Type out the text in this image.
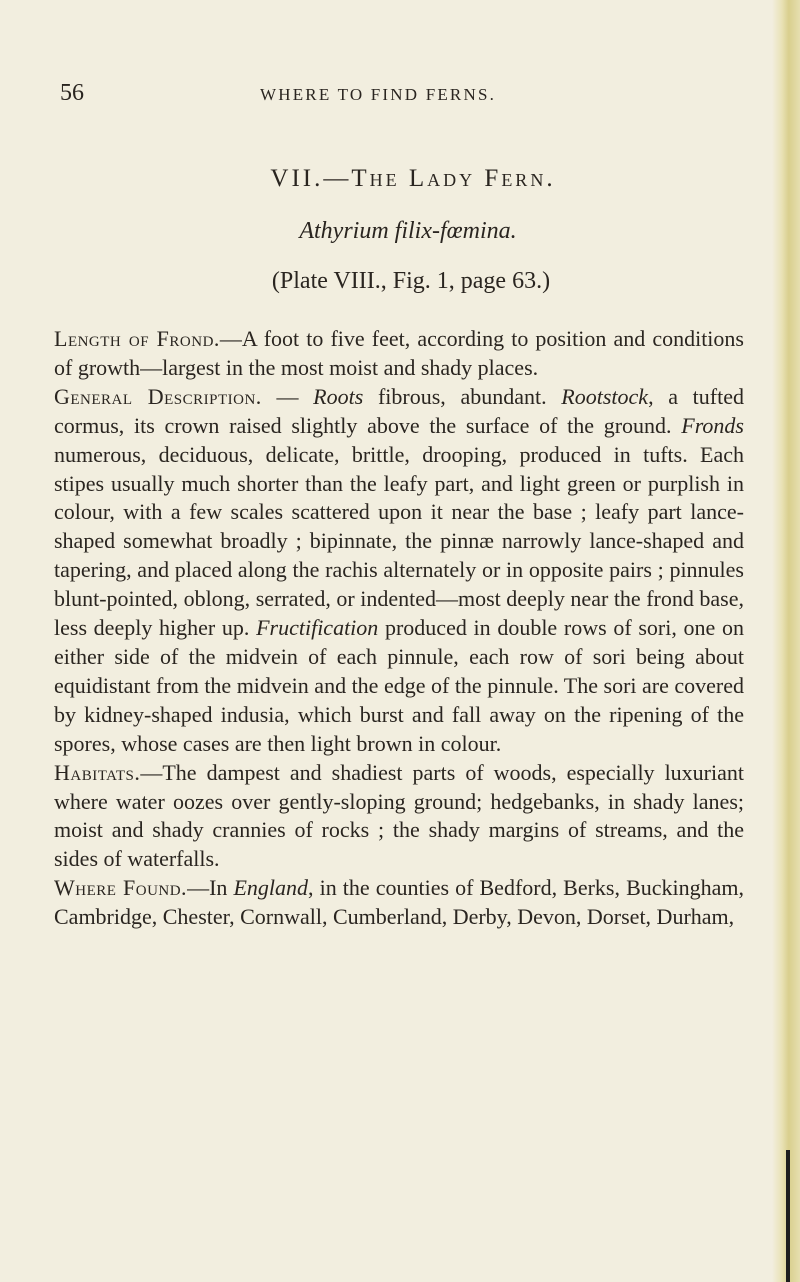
56	WHERE TO FIND FERNS.
VII.—The Lady Fern.
Athyrium filix-fœmina.
(Plate VIII., Fig. 1, page 63.)

Length of Frond.—A foot to five feet, according to position and conditions of growth—largest in the most moist and shady places.

General Description. — Roots fibrous, abundant. Rootstock, a tufted cormus, its crown raised slightly above the surface of the ground. Fronds numerous, deciduous, delicate, brittle, drooping, produced in tufts. Each stipes usually much shorter than the leafy part, and light green or purplish in colour, with a few scales scattered upon it near the base ; leafy part lance-shaped somewhat broadly ; bipinnate, the pinnæ narrowly lance-shaped and tapering, and placed along the rachis alternately or in opposite pairs ; pinnules blunt-pointed, oblong, serrated, or indented—most deeply near the frond base, less deeply higher up. Fructification produced in double rows of sori, one on either side of the midvein of each pinnule, each row of sori being about equidistant from the midvein and the edge of the pinnule. The sori are covered by kidney-shaped indusia, which burst and fall away on the ripening of the spores, whose cases are then light brown in colour.

Habitats.—The dampest and shadiest parts of woods, especially luxuriant where water oozes over gently-sloping ground; hedgebanks, in shady lanes; moist and shady crannies of rocks ; the shady margins of streams, and the sides of waterfalls.

Where Found.—In England, in the counties of Bedford, Berks, Buckingham, Cambridge, Chester, Cornwall, Cumberland, Derby, Devon, Dorset, Durham,
